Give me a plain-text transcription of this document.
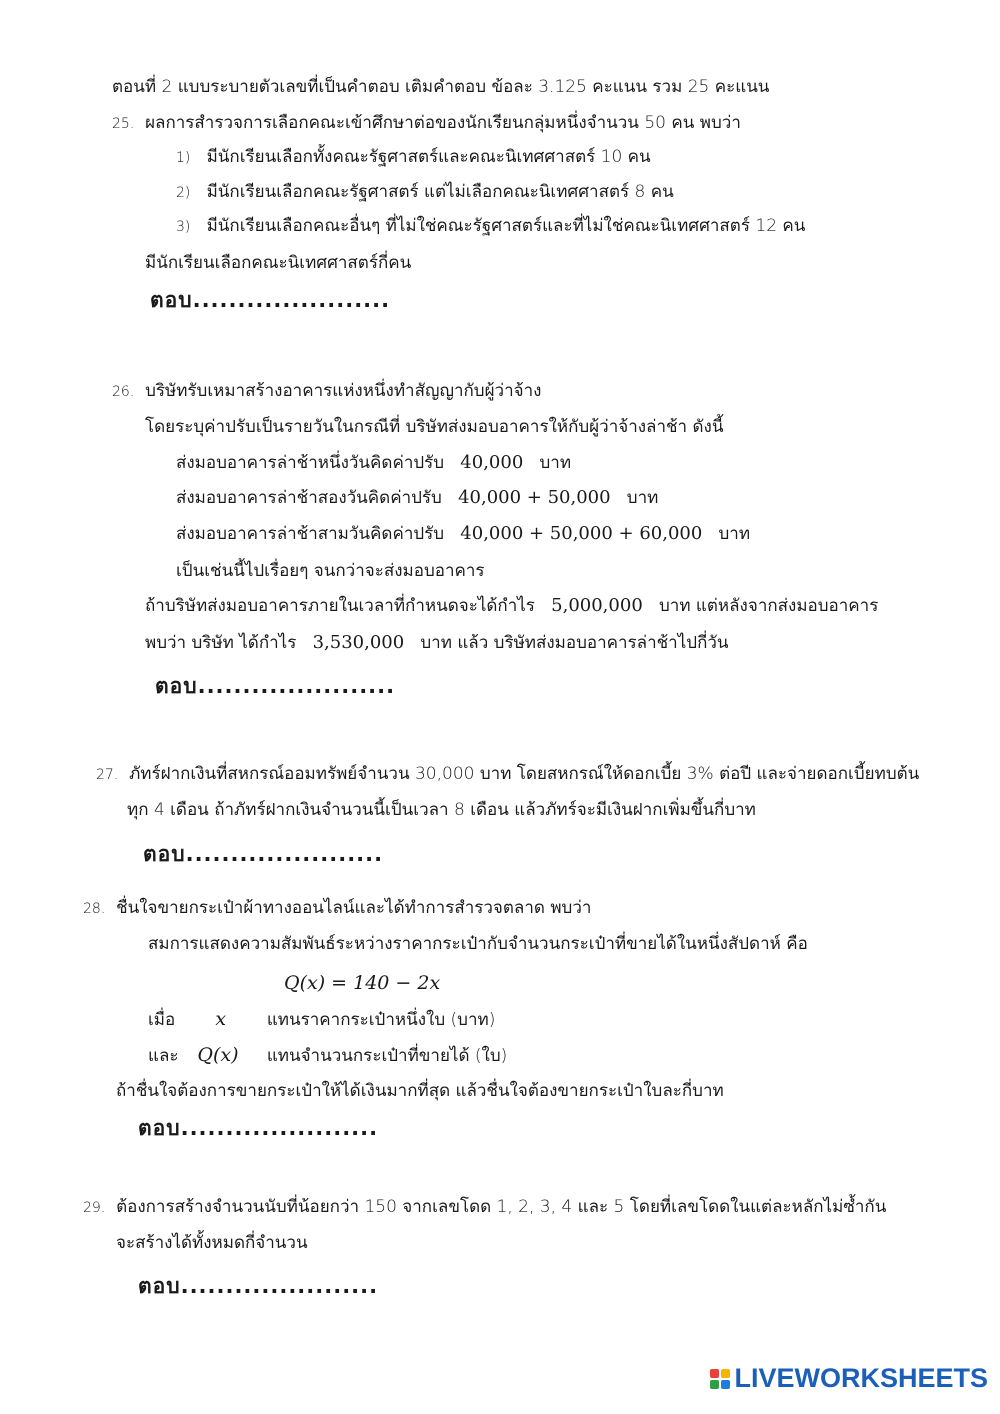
ตอนที่ 2 แบบระบายตัวเลขที่เป็นคำตอบ เติมคำตอบ ข้อละ 3.125 คะแนน รวม 25 คะแนน
25. ผลการสำรวจการเลือกคณะเข้าศึกษาต่อของนักเรียนกลุ่มหนึ่งจำนวน 50 คน พบว่า
1) มีนักเรียนเลือกทั้งคณะรัฐศาสตร์และคณะนิเทศศาสตร์ 10 คน
2) มีนักเรียนเลือกคณะรัฐศาสตร์ แต่ไม่เลือกคณะนิเทศศาสตร์ 8 คน
3) มีนักเรียนเลือกคณะอื่นๆ ที่ไม่ใช่คณะรัฐศาสตร์และที่ไม่ใช่คณะนิเทศศาสตร์ 12 คน
มีนักเรียนเลือกคณะนิเทศศาสตร์กี่คน
ตอบ......................
26. บริษัทรับเหมาสร้างอาคารแห่งหนึ่งทำสัญญากับผู้ว่าจ้าง
โดยระบุค่าปรับเป็นรายวันในกรณีที่ บริษัทส่งมอบอาคารให้กับผู้ว่าจ้างล่าช้า ดังนี้
ส่งมอบอาคารล่าช้าหนึ่งวันคิดค่าปรับ 40,000 บาท
ส่งมอบอาคารล่าช้าสองวันคิดค่าปรับ 40,000 + 50,000 บาท
ส่งมอบอาคารล่าช้าสามวันคิดค่าปรับ 40,000 + 50,000 + 60,000 บาท
เป็นเช่นนี้ไปเรื่อยๆ จนกว่าจะส่งมอบอาคาร
ถ้าบริษัทส่งมอบอาคารภายในเวลาที่กำหนดจะได้กำไร 5,000,000 บาท แต่หลังจากส่งมอบอาคาร
พบว่า บริษัท ได้กำไร 3,530,000 บาท แล้ว บริษัทส่งมอบอาคารล่าช้าไปกี่วัน
ตอบ......................
27. ภัทร์ฝากเงินที่สหกรณ์ออมทรัพย์จำนวน 30,000 บาท โดยสหกรณ์ให้ดอกเบี้ย 3% ต่อปี และจ่ายดอกเบี้ยทบต้น
ทุก 4 เดือน ถ้าภัทร์ฝากเงินจำนวนนี้เป็นเวลา 8 เดือน แล้วภัทร์จะมีเงินฝากเพิ่มขึ้นกี่บาท
ตอบ......................
28. ชื่นใจขายกระเป๋าผ้าทางออนไลน์และได้ทำการสำรวจตลาด พบว่า
สมการแสดงความสัมพันธ์ระหว่างราคากระเป๋ากับจำนวนกระเป๋าที่ขายได้ในหนึ่งสัปดาห์ คือ
Q(x) = 140 − 2x
เมื่อ x แทนราคากระเป๋าหนึ่งใบ (บาท)
และ Q(x) แทนจำนวนกระเป๋าที่ขายได้ (ใบ)
ถ้าชื่นใจต้องการขายกระเป๋าให้ได้เงินมากที่สุด แล้วชื่นใจต้องขายกระเป๋าใบละกี่บาท
ตอบ......................
29. ต้องการสร้างจำนวนนับที่น้อยกว่า 150 จากเลขโดด 1, 2, 3, 4 และ 5 โดยที่เลขโดดในแต่ละหลักไม่ซ้ำกัน
จะสร้างได้ทั้งหมดกี่จำนวน
ตอบ......................
LIVEWORKSHEETS
